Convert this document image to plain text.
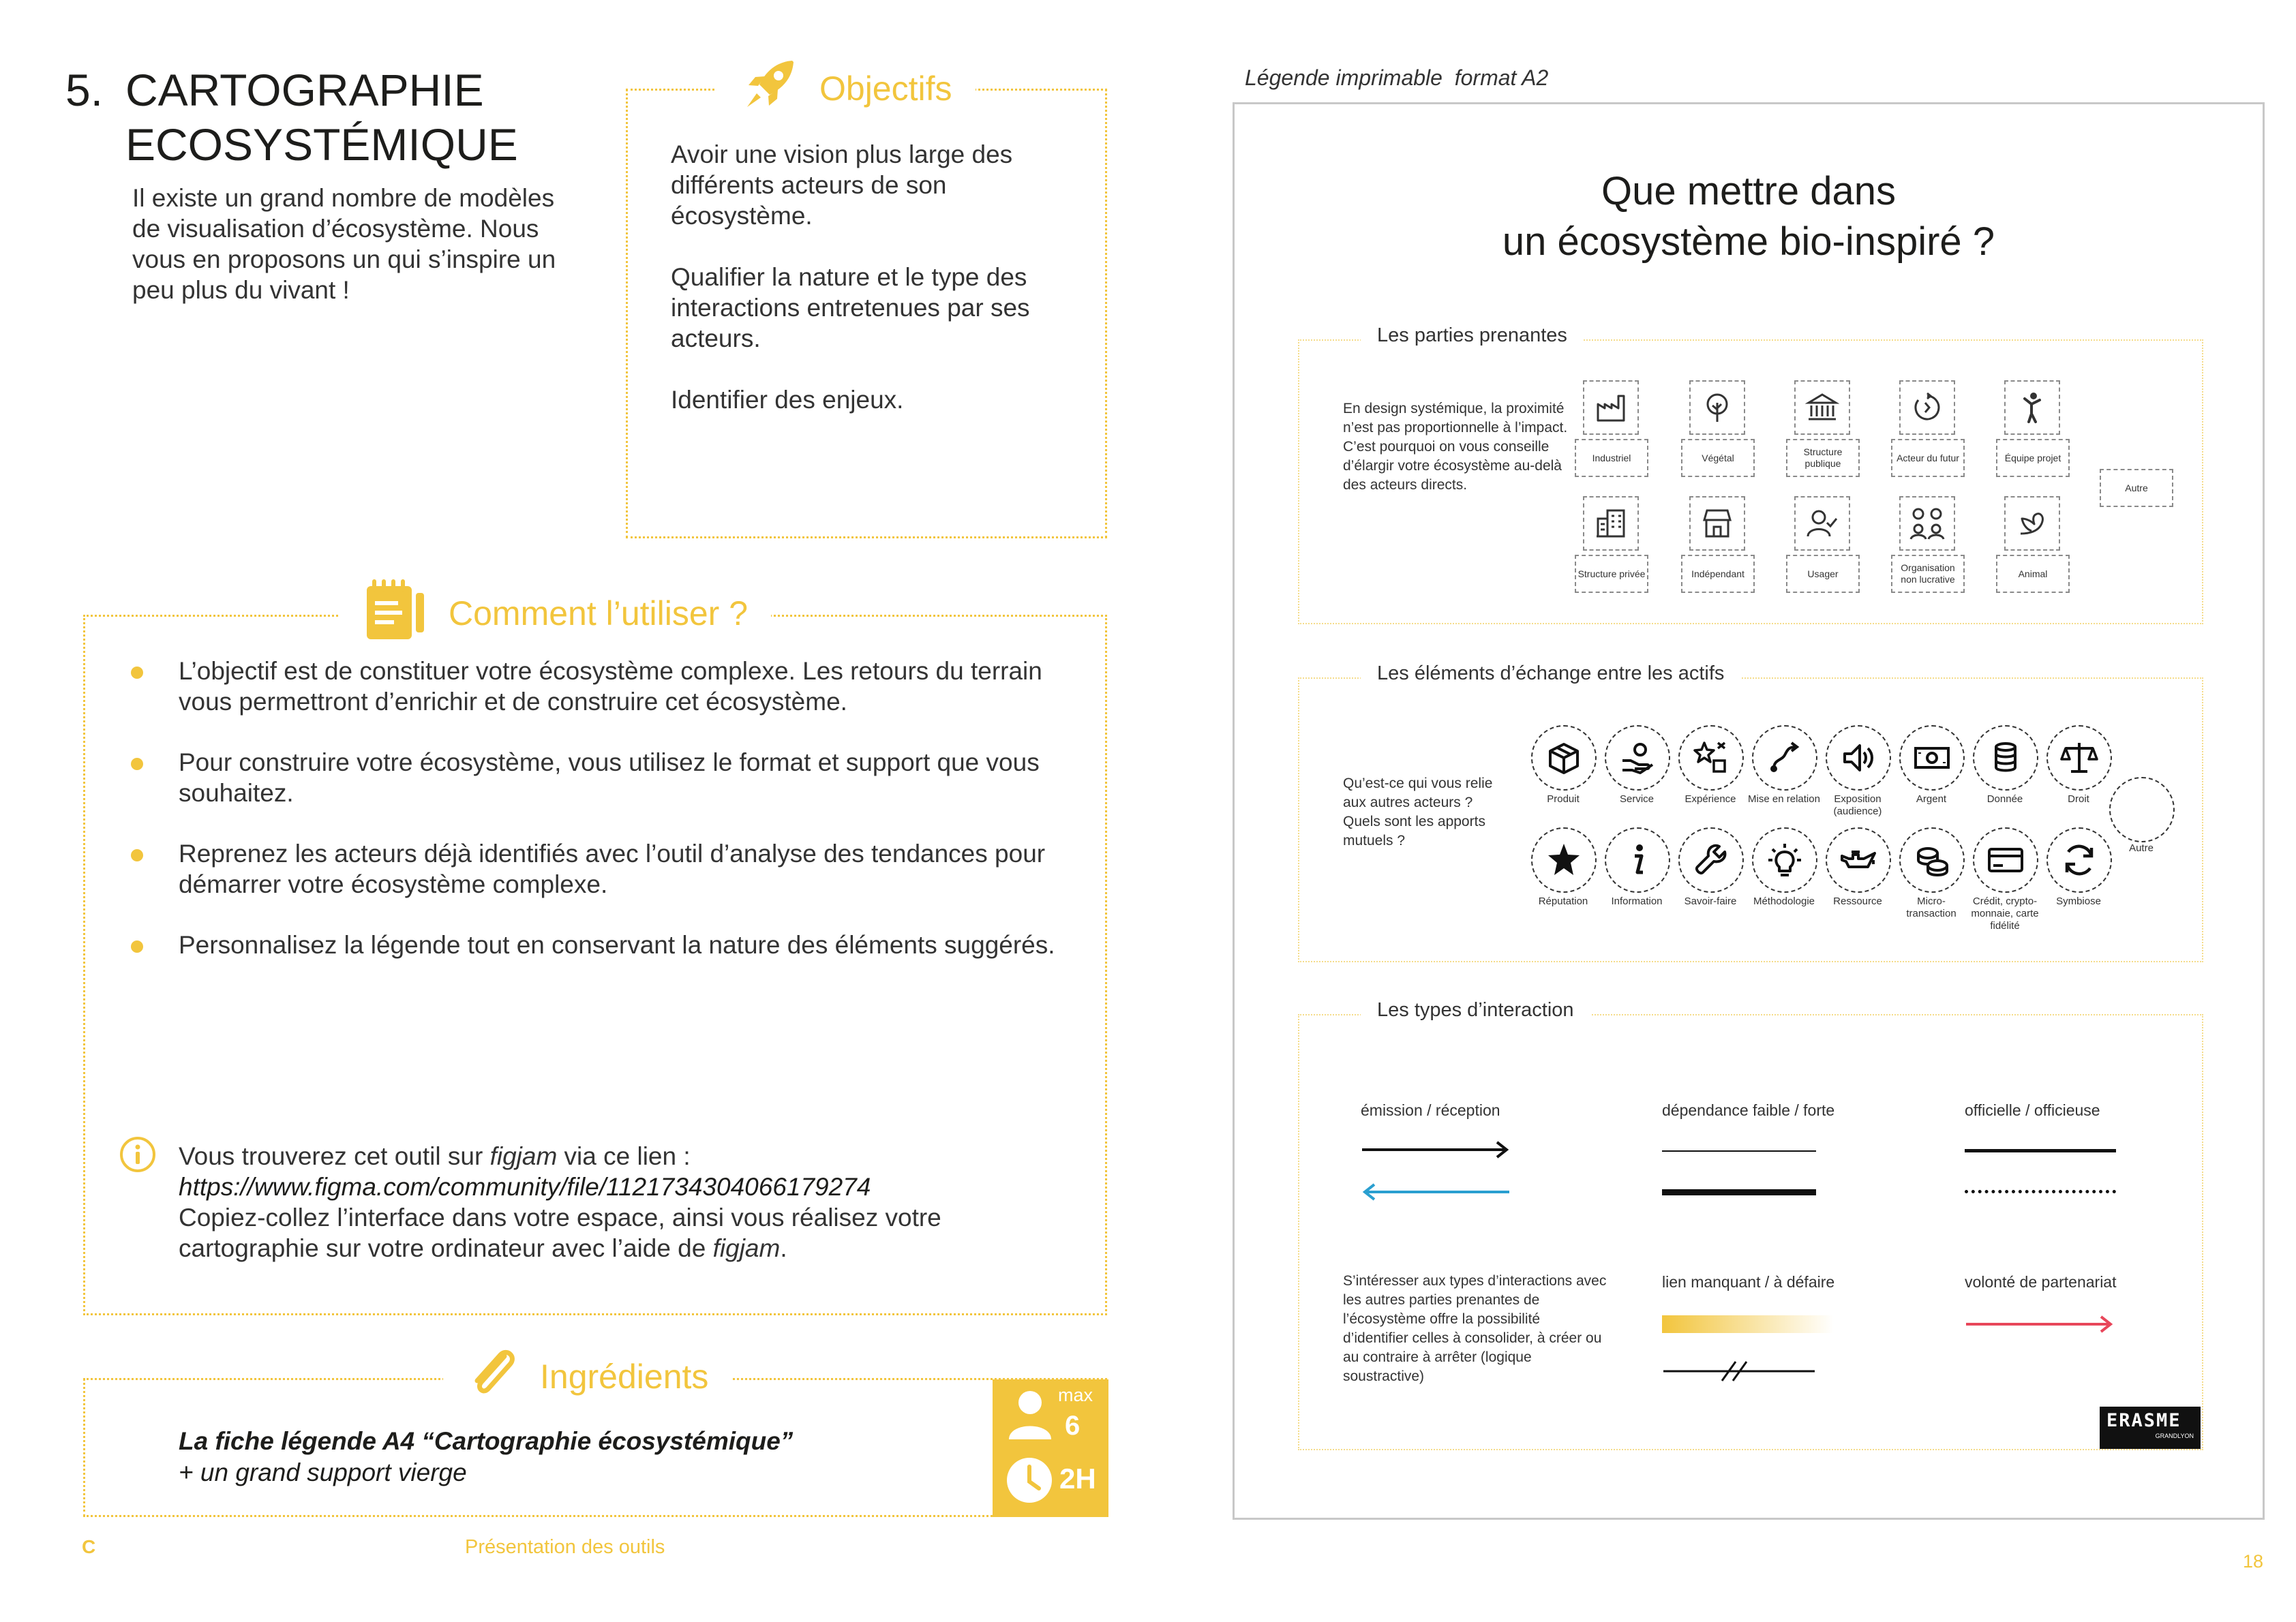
5. CARTOGRAPHIE
ECOSYSTÉMIQUE
Il existe un grand nombre de modèles de visualisation d’écosystème. Nous vous en proposons un qui s’inspire un peu plus du vivant !
Objectifs
Avoir une vision plus large des différents acteurs de son écosystème.
Qualifier la nature et le type des interactions entretenues par ses acteurs.
Identifier des enjeux.
Comment l’utiliser ?
L’objectif est de constituer votre écosystème complexe. Les retours du terrain vous permettront d’enrichir et de construire cet écosystème.
Pour construire votre écosystème, vous utilisez le format et support que vous souhaitez.
Reprenez les acteurs déjà identifiés avec l’outil d’analyse des tendances pour démarrer votre écosystème complexe.
Personnalisez la légende tout en conservant la nature des éléments suggérés.
Vous trouverez cet outil sur figjam via ce lien :
https://www.figma.com/community/file/1121734304066179274
Copiez-collez l’interface dans votre espace, ainsi vous réalisez votre
cartographie sur votre ordinateur avec l’aide de figjam.
Ingrédients
La fiche légende A4 “Cartographie écosystémique”
+ un grand support vierge
max
6
2H
C	Présentation des outils
Légende imprimable  format A2
Que mettre dans
un écosystème bio-inspiré ?
Les parties prenantes
En design systémique, la proximité n’est pas proportionnelle à l’impact. C’est pourquoi on vous conseille d’élargir votre écosystème au-delà des acteurs directs.
Industriel	Végétal
Structure publique
Acteur du futur	Équipe projet
Structure privée	Indépendant	Usager
Organisation non lucrative
Animal
Autre
Les éléments d’échange entre les actifs
Qu’est-ce qui vous relie aux autres acteurs ? Quels sont les apports mutuels ?
Produit	Service	Expérience	Mise en relation	Exposition (audience)
Argent	Donnée	Droit
Autre
Réputation	Information	Savoir-faire	Méthodologie	Ressource	Micro-transaction
Crédit, crypto-monnaie, carte fidélité
Symbiose
Les types d’interaction
émission / réception	dépendance faible / forte	officielle / officieuse
S’intéresser aux types d’interactions avec les autres parties prenantes de l’écosystème offre la possibilité d’identifier celles à consolider, à créer ou au contraire à arrêter (logique soustractive)
lien manquant / à défaire	volonté de partenariat
ERASME
GRANDLYON
18
